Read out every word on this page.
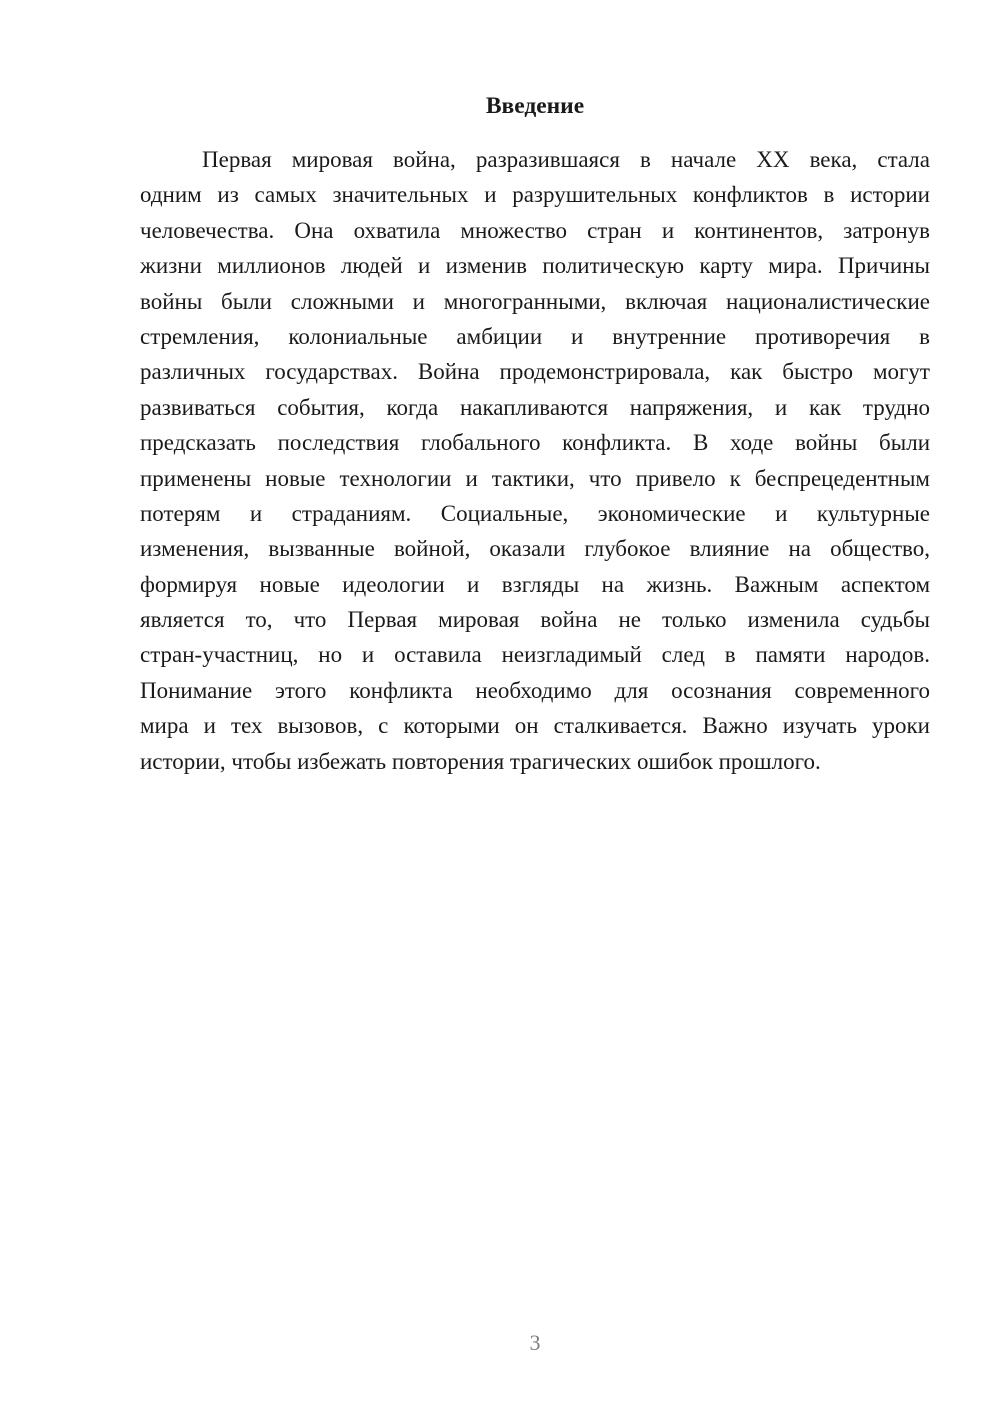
Введение
Первая мировая война, разразившаяся в начале XX века, стала
одним из самых значительных и разрушительных конфликтов в истории
человечества. Она охватила множество стран и континентов, затронув
жизни миллионов людей и изменив политическую карту мира. Причины
войны были сложными и многогранными, включая националистические
стремления, колониальные амбиции и внутренние противоречия в
различных государствах. Война продемонстрировала, как быстро могут
развиваться события, когда накапливаются напряжения, и как трудно
предсказать последствия глобального конфликта. В ходе войны были
применены новые технологии и тактики, что привело к беспрецедентным
потерям и страданиям. Социальные, экономические и культурные
изменения, вызванные войной, оказали глубокое влияние на общество,
формируя новые идеологии и взгляды на жизнь. Важным аспектом
является то, что Первая мировая война не только изменила судьбы
стран-участниц, но и оставила неизгладимый след в памяти народов.
Понимание этого конфликта необходимо для осознания современного
мира и тех вызовов, с которыми он сталкивается. Важно изучать уроки
истории, чтобы избежать повторения трагических ошибок прошлого.
3
